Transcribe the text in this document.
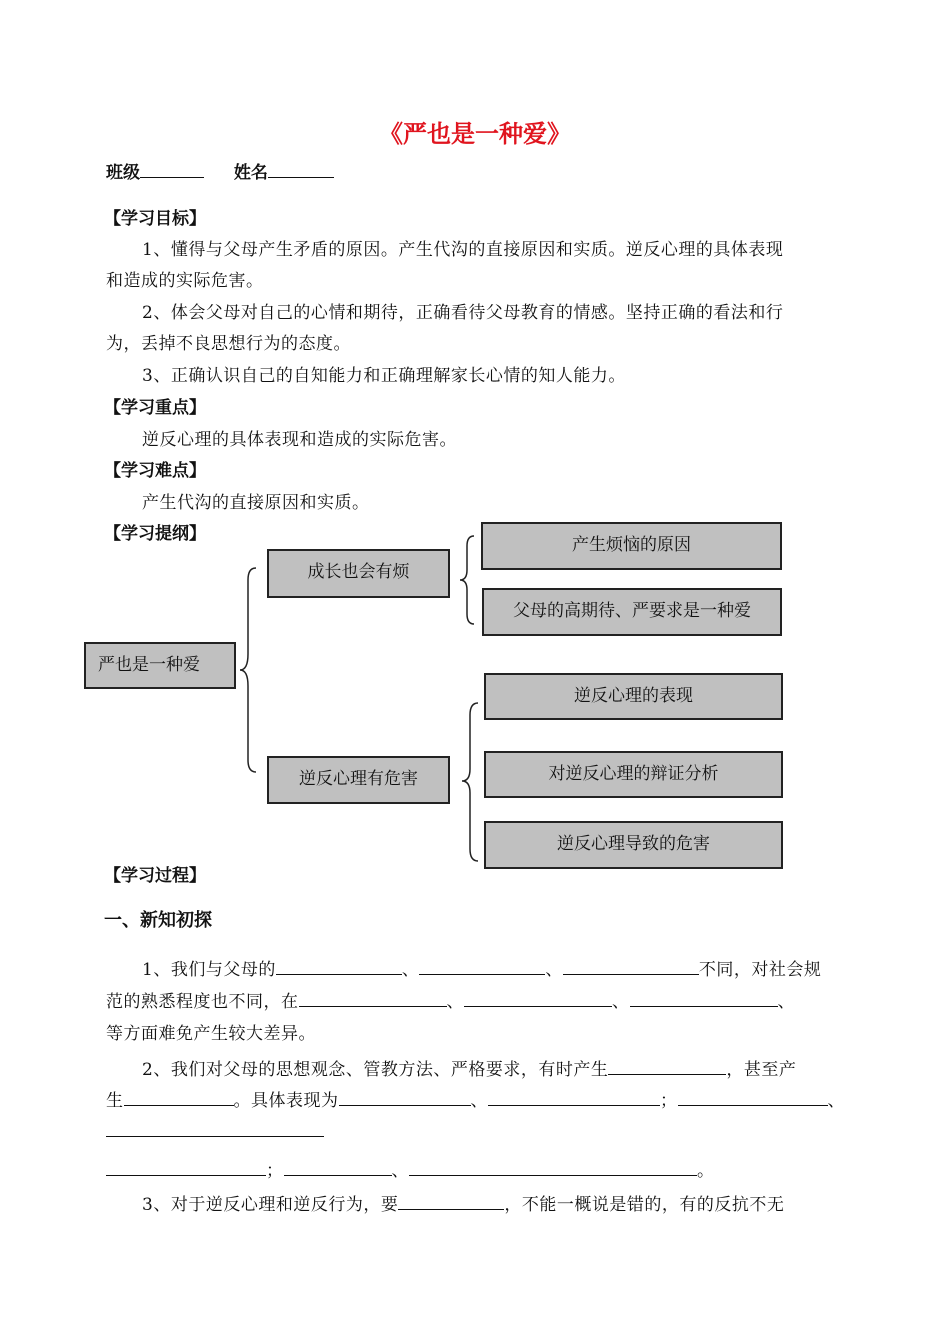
《严也是一种爱》
班级	姓名
【学习目标】
1、懂得与父母产生矛盾的原因。产生代沟的直接原因和实质。逆反心理的具体表现
和造成的实际危害。
2、体会父母对自己的心情和期待，正确看待父母教育的情感。坚持正确的看法和行
为，丢掉不良思想行为的态度。
3、正确认识自己的自知能力和正确理解家长心情的知人能力。
【学习重点】
逆反心理的具体表现和造成的实际危害。
【学习难点】
产生代沟的直接原因和实质。
【学习提纲】
严也是一种爱
成长也会有烦
产生烦恼的原因
父母的高期待、严要求是一种爱
逆反心理有危害
逆反心理的表现
对逆反心理的辩证分析
逆反心理导致的危害
【学习过程】
一、新知初探
1、我们与父母的	、	、	不同，对社会规
范的熟悉程度也不同，在	、	、	、
等方面难免产生较大差异。
2、我们对父母的思想观念、管教方法、严格要求，有时产生	，甚至产
生	。具体表现为	、	；	、
；	、	。
3、对于逆反心理和逆反行为，要	，不能一概说是错的，有的反抗不无
